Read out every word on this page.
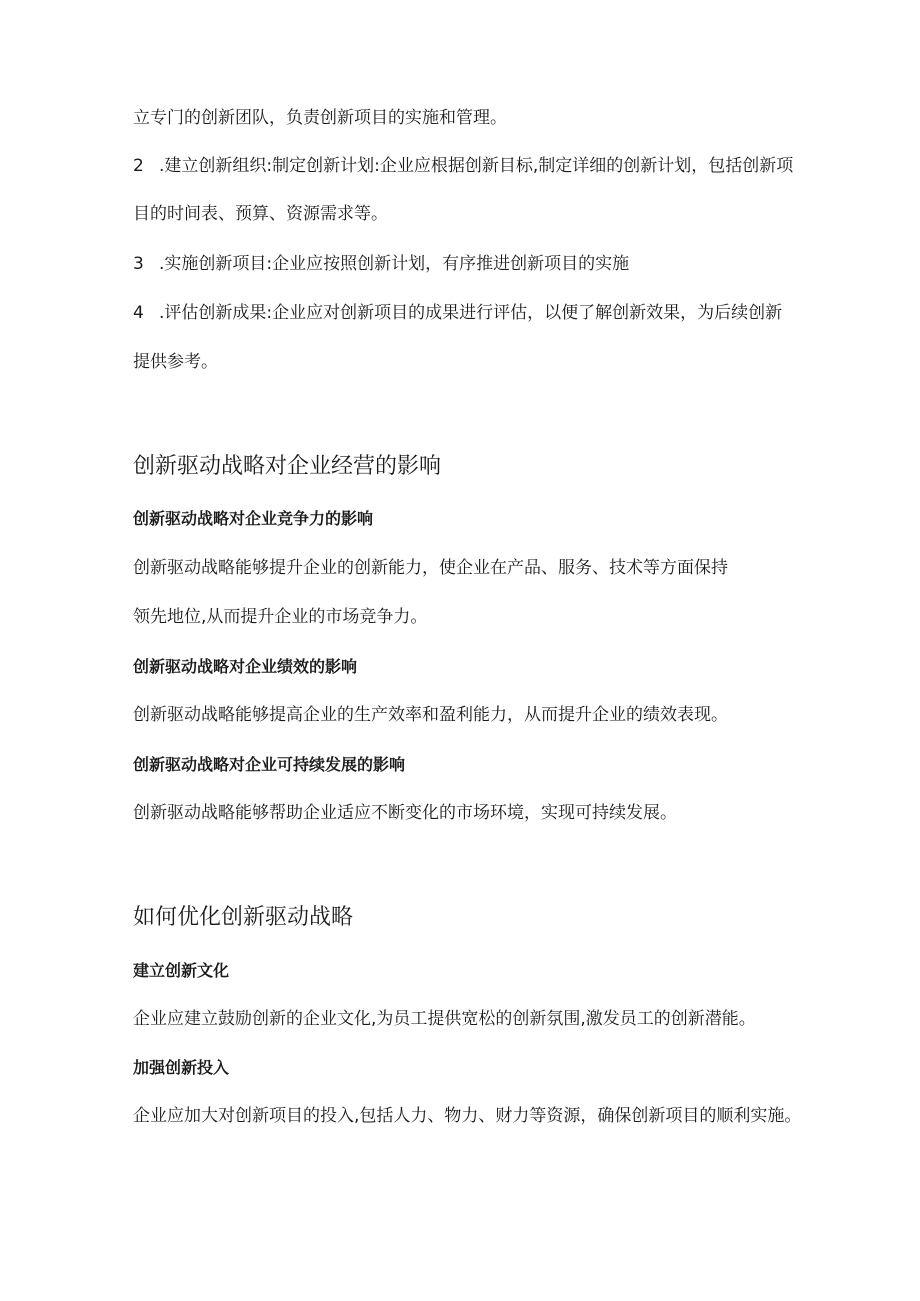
立专门的创新团队，负责创新项目的实施和管理。

2 .建立创新组织:制定创新计划:企业应根据创新目标,制定详细的创新计划，包括创新项

目的时间表、预算、资源需求等。

3 .实施创新项目:企业应按照创新计划，有序推进创新项目的实施

4 .评估创新成果:企业应对创新项目的成果进行评估，以便了解创新效果，为后续创新

提供参考。

创新驱动战略对企业经营的影响
创新驱动战略对企业竞争力的影响

创新驱动战略能够提升企业的创新能力，使企业在产品、服务、技术等方面保持

领先地位,从而提升企业的市场竞争力。

创新驱动战略对企业绩效的影响

创新驱动战略能够提高企业的生产效率和盈利能力，从而提升企业的绩效表现。

创新驱动战略对企业可持续发展的影响

创新驱动战略能够帮助企业适应不断变化的市场环境，实现可持续发展。

如何优化创新驱动战略
建立创新文化

企业应建立鼓励创新的企业文化,为员工提供宽松的创新氛围,激发员工的创新潜能。

加强创新投入

企业应加大对创新项目的投入,包括人力、物力、财力等资源，确保创新项目的顺利实施。
